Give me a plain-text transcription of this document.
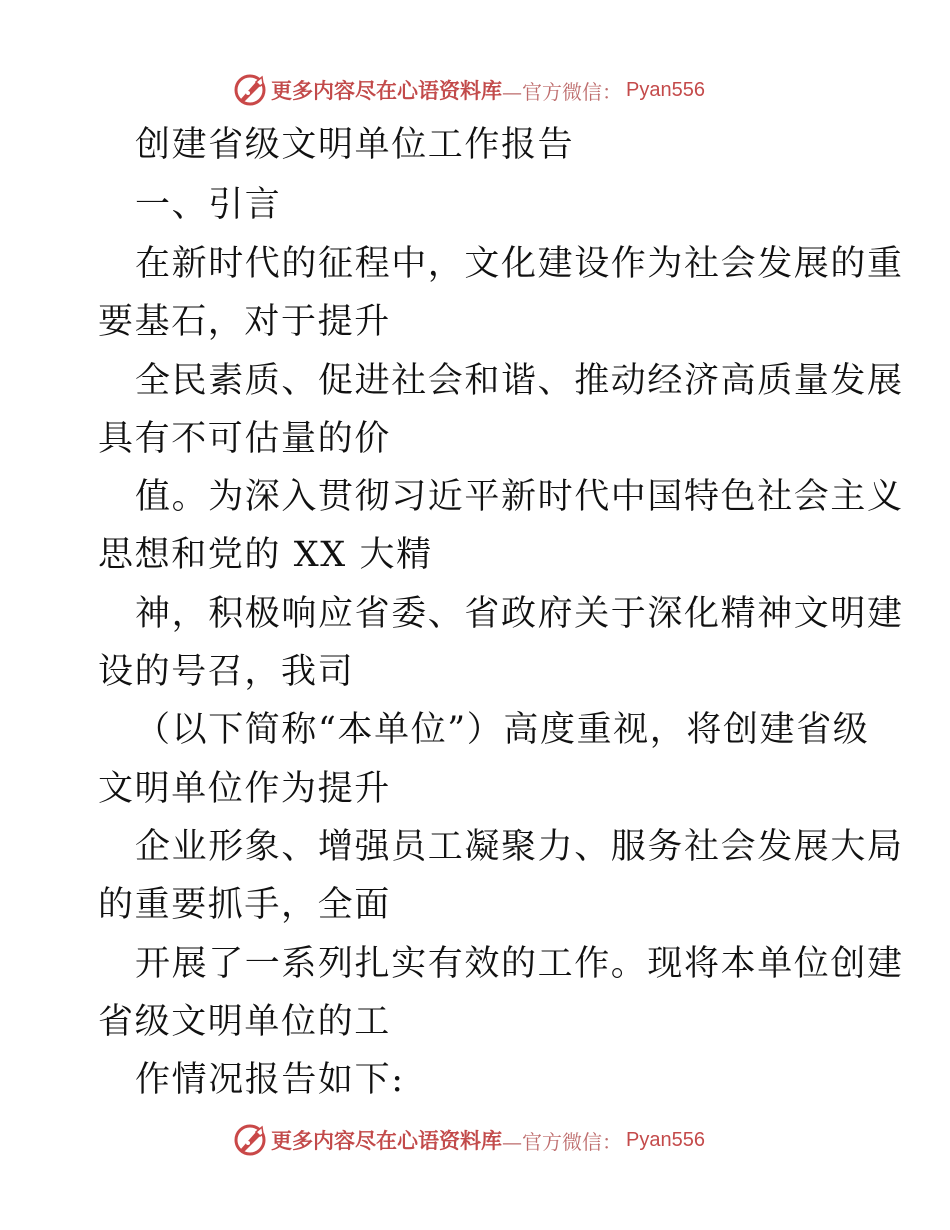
更多内容尽在心语资料库 —官方微信： Pyan556
创建省级文明单位工作报告
一、引言
在新时代的征程中，文化建设作为社会发展的重
要基石，对于提升
全民素质、促进社会和谐、推动经济高质量发展
具有不可估量的价
值。为深入贯彻习近平新时代中国特色社会主义
思想和党的 XX 大精
神，积极响应省委、省政府关于深化精神文明建
设的号召，我司
（以下简称“本单位”）高度重视，将创建省级
文明单位作为提升
企业形象、增强员工凝聚力、服务社会发展大局
的重要抓手，全面
开展了一系列扎实有效的工作。现将本单位创建
省级文明单位的工
作情况报告如下:
更多内容尽在心语资料库 —官方微信： Pyan556
